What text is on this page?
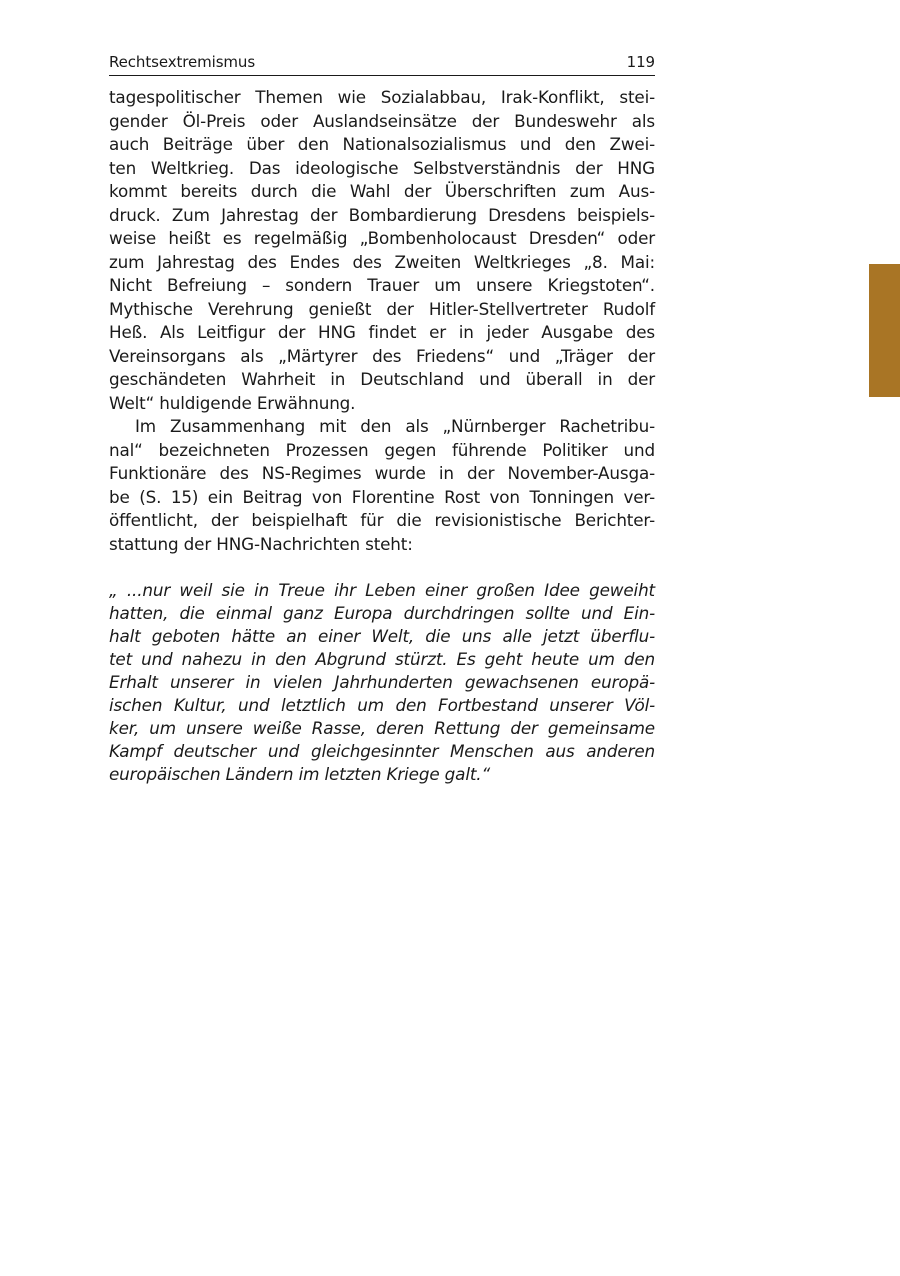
Rechtsextremismus	119
tagespolitischer Themen wie Sozialabbau, Irak-Konflikt, stei-
gender Öl-Preis oder Auslandseinsätze der Bundeswehr als
auch Beiträge über den Nationalsozialismus und den Zwei-
ten Weltkrieg. Das ideologische Selbstverständnis der HNG
kommt bereits durch die Wahl der Überschriften zum Aus-
druck. Zum Jahrestag der Bombardierung Dresdens beispiels-
weise heißt es regelmäßig „Bombenholocaust Dresden“ oder
zum Jahrestag des Endes des Zweiten Weltkrieges „8. Mai:
Nicht Befreiung – sondern Trauer um unsere Kriegstoten“.
Mythische Verehrung genießt der Hitler-Stellvertreter Rudolf
Heß. Als Leitfigur der HNG findet er in jeder Ausgabe des
Vereinsorgans als „Märtyrer des Friedens“ und „Träger der
geschändeten Wahrheit in Deutschland und überall in der
Welt“ huldigende Erwähnung.
Im Zusammenhang mit den als „Nürnberger Rachetribu-
nal“ bezeichneten Prozessen gegen führende Politiker und
Funktionäre des NS-Regimes wurde in der November-Ausga-
be (S. 15) ein Beitrag von Florentine Rost von Tonningen ver-
öffentlicht, der beispielhaft für die revisionistische Berichter-
stattung der HNG-Nachrichten steht:
„ ...nur weil sie in Treue ihr Leben einer großen Idee geweiht
hatten, die einmal ganz Europa durchdringen sollte und Ein-
halt geboten hätte an einer Welt, die uns alle jetzt überflu-
tet und nahezu in den Abgrund stürzt. Es geht heute um den
Erhalt unserer in vielen Jahrhunderten gewachsenen europä-
ischen Kultur, und letztlich um den Fortbestand unserer Völ-
ker, um unsere weiße Rasse, deren Rettung der gemeinsame
Kampf deutscher und gleichgesinnter Menschen aus anderen
europäischen Ländern im letzten Kriege galt.“
